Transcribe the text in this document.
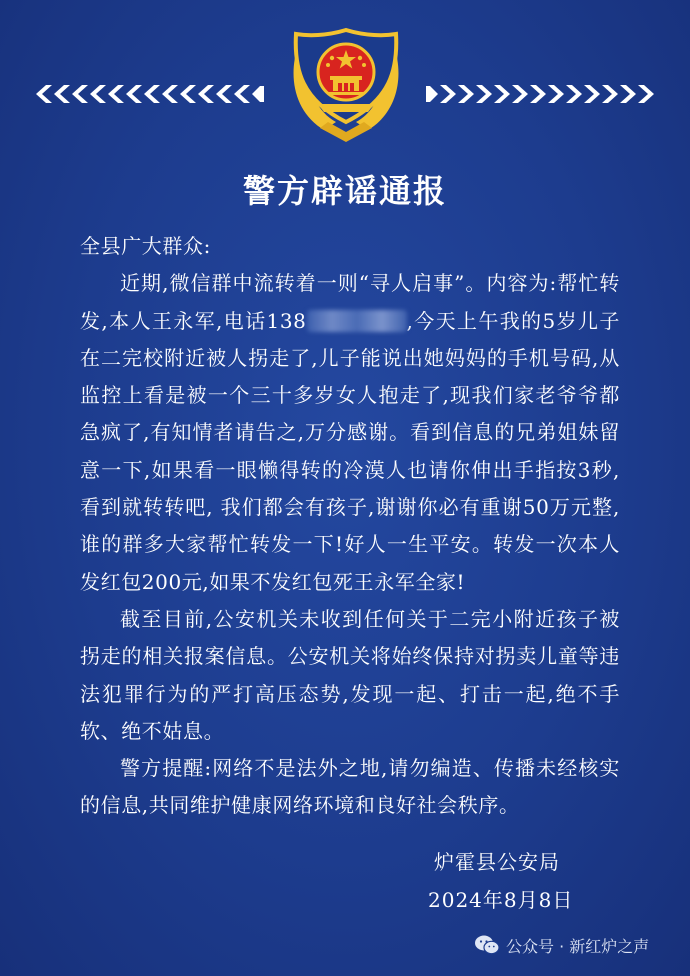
警方辟谣通报

全县广大群众:

近期,微信群中流转着一则“寻人启事”。内容为:帮忙转发,本人王永军,电话138	,今天上午我的5岁儿子在二完校附近被人拐走了,儿子能说出她妈妈的手机号码,从监控上看是被一个三十多岁女人抱走了,现我们家老爷爷都急疯了,有知情者请告之,万分感谢。看到信息的兄弟姐妹留意一下,如果看一眼懒得转的冷漠人也请你伸出手指按3秒,看到就转转吧, 我们都会有孩子,谢谢你必有重谢50万元整,谁的群多大家帮忙转发一下!好人一生平安。转发一次本人发红包200元,如果不发红包死王永军全家!

截至目前,公安机关未收到任何关于二完小附近孩子被拐走的相关报案信息。公安机关将始终保持对拐卖儿童等违法犯罪行为的严打高压态势,发现一起、打击一起,绝不手软、绝不姑息。

警方提醒:网络不是法外之地,请勿编造、传播未经核实的信息,共同维护健康网络环境和良好社会秩序。

炉霍县公安局
2024年8月8日
公众号 · 新红炉之声
